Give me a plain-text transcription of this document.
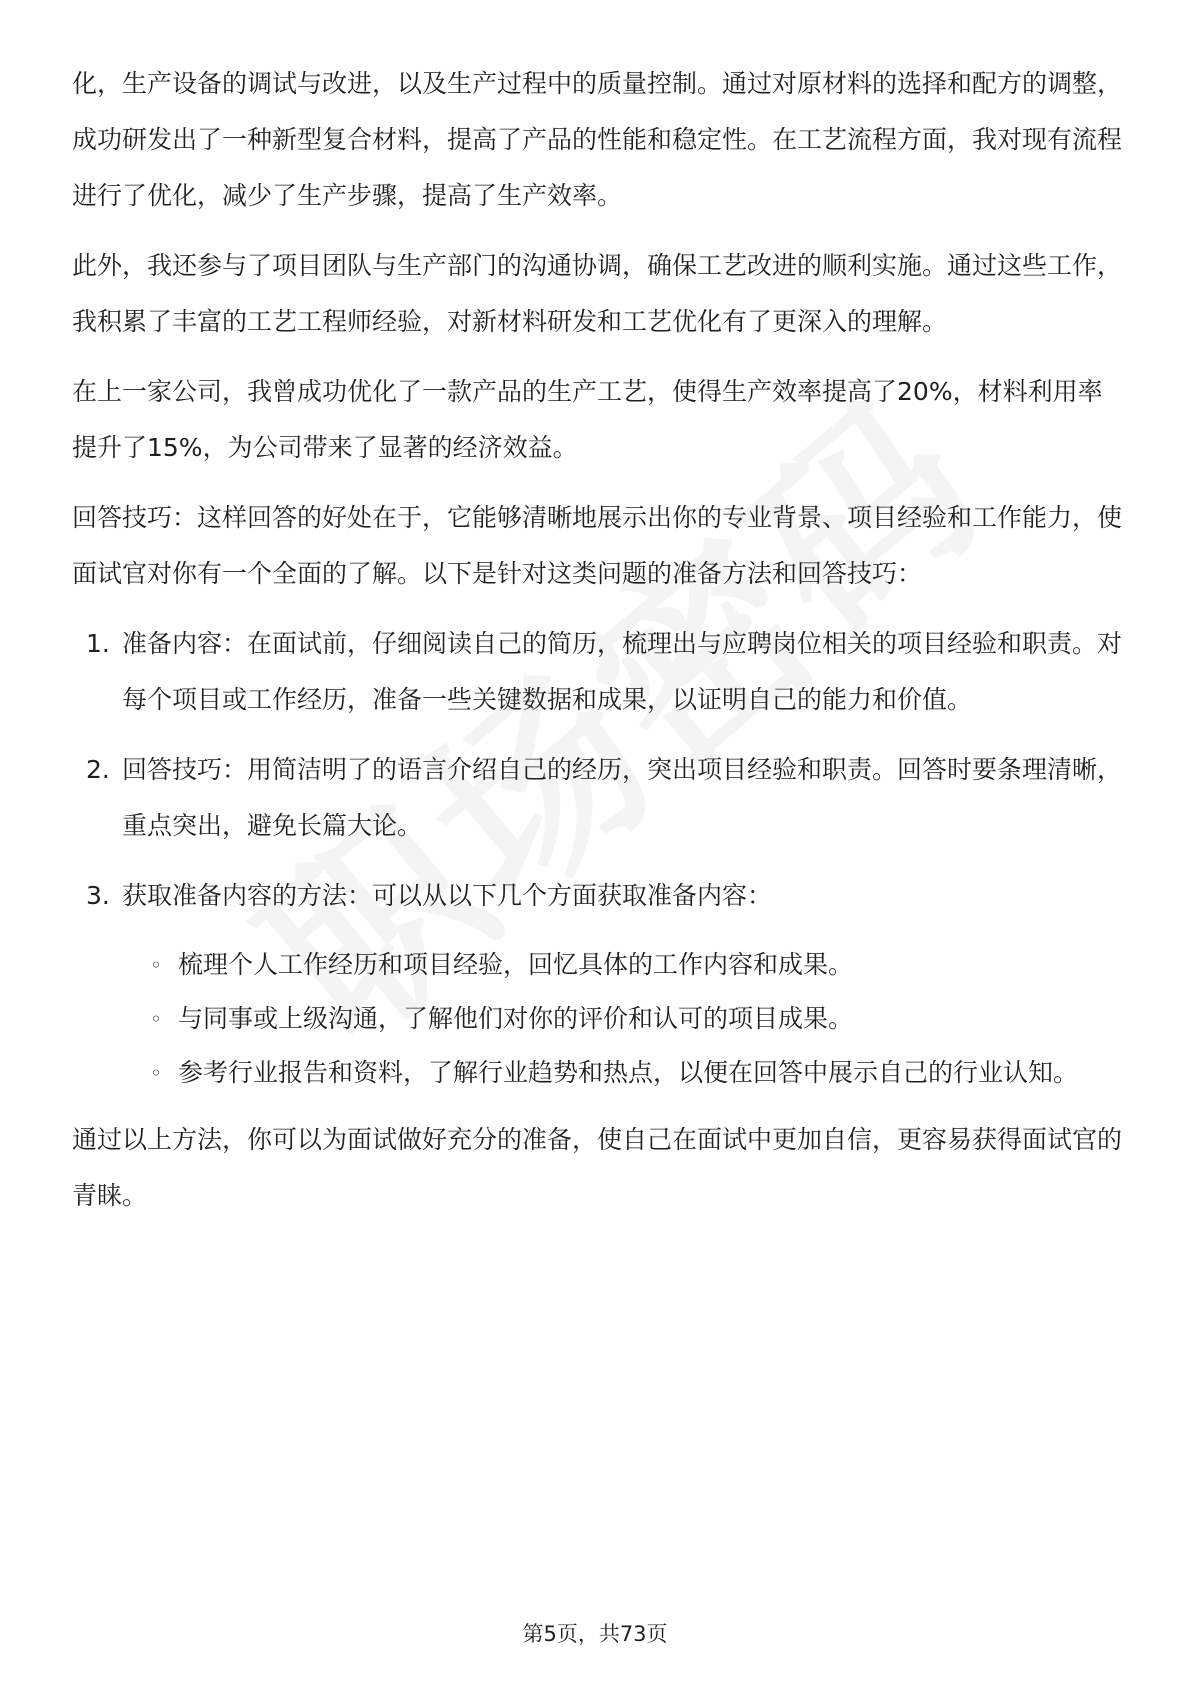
化，生产设备的调试与改进，以及生产过程中的质量控制。通过对原材料的选择和配方的调整，成功研发出了一种新型复合材料，提高了产品的性能和稳定性。在工艺流程方面，我对现有流程进行了优化，减少了生产步骤，提高了生产效率。

此外，我还参与了项目团队与生产部门的沟通协调，确保工艺改进的顺利实施。通过这些工作，我积累了丰富的工艺工程师经验，对新材料研发和工艺优化有了更深入的理解。

在上一家公司，我曾成功优化了一款产品的生产工艺，使得生产效率提高了20%，材料利用率提升了15%，为公司带来了显著的经济效益。

回答技巧：这样回答的好处在于，它能够清晰地展示出你的专业背景、项目经验和工作能力，使面试官对你有一个全面的了解。以下是针对这类问题的准备方法和回答技巧：

1. 准备内容：在面试前，仔细阅读自己的简历，梳理出与应聘岗位相关的项目经验和职责。对每个项目或工作经历，准备一些关键数据和成果，以证明自己的能力和价值。
2. 回答技巧：用简洁明了的语言介绍自己的经历，突出项目经验和职责。回答时要条理清晰，重点突出，避免长篇大论。
3. 获取准备内容的方法：可以从以下几个方面获取准备内容：
◦ 梳理个人工作经历和项目经验，回忆具体的工作内容和成果。
◦ 与同事或上级沟通，了解他们对你的评价和认可的项目成果。
◦ 参考行业报告和资料，了解行业趋势和热点，以便在回答中展示自己的行业认知。

通过以上方法，你可以为面试做好充分的准备，使自己在面试中更加自信，更容易获得面试官的青睐。

第5页，共73页
